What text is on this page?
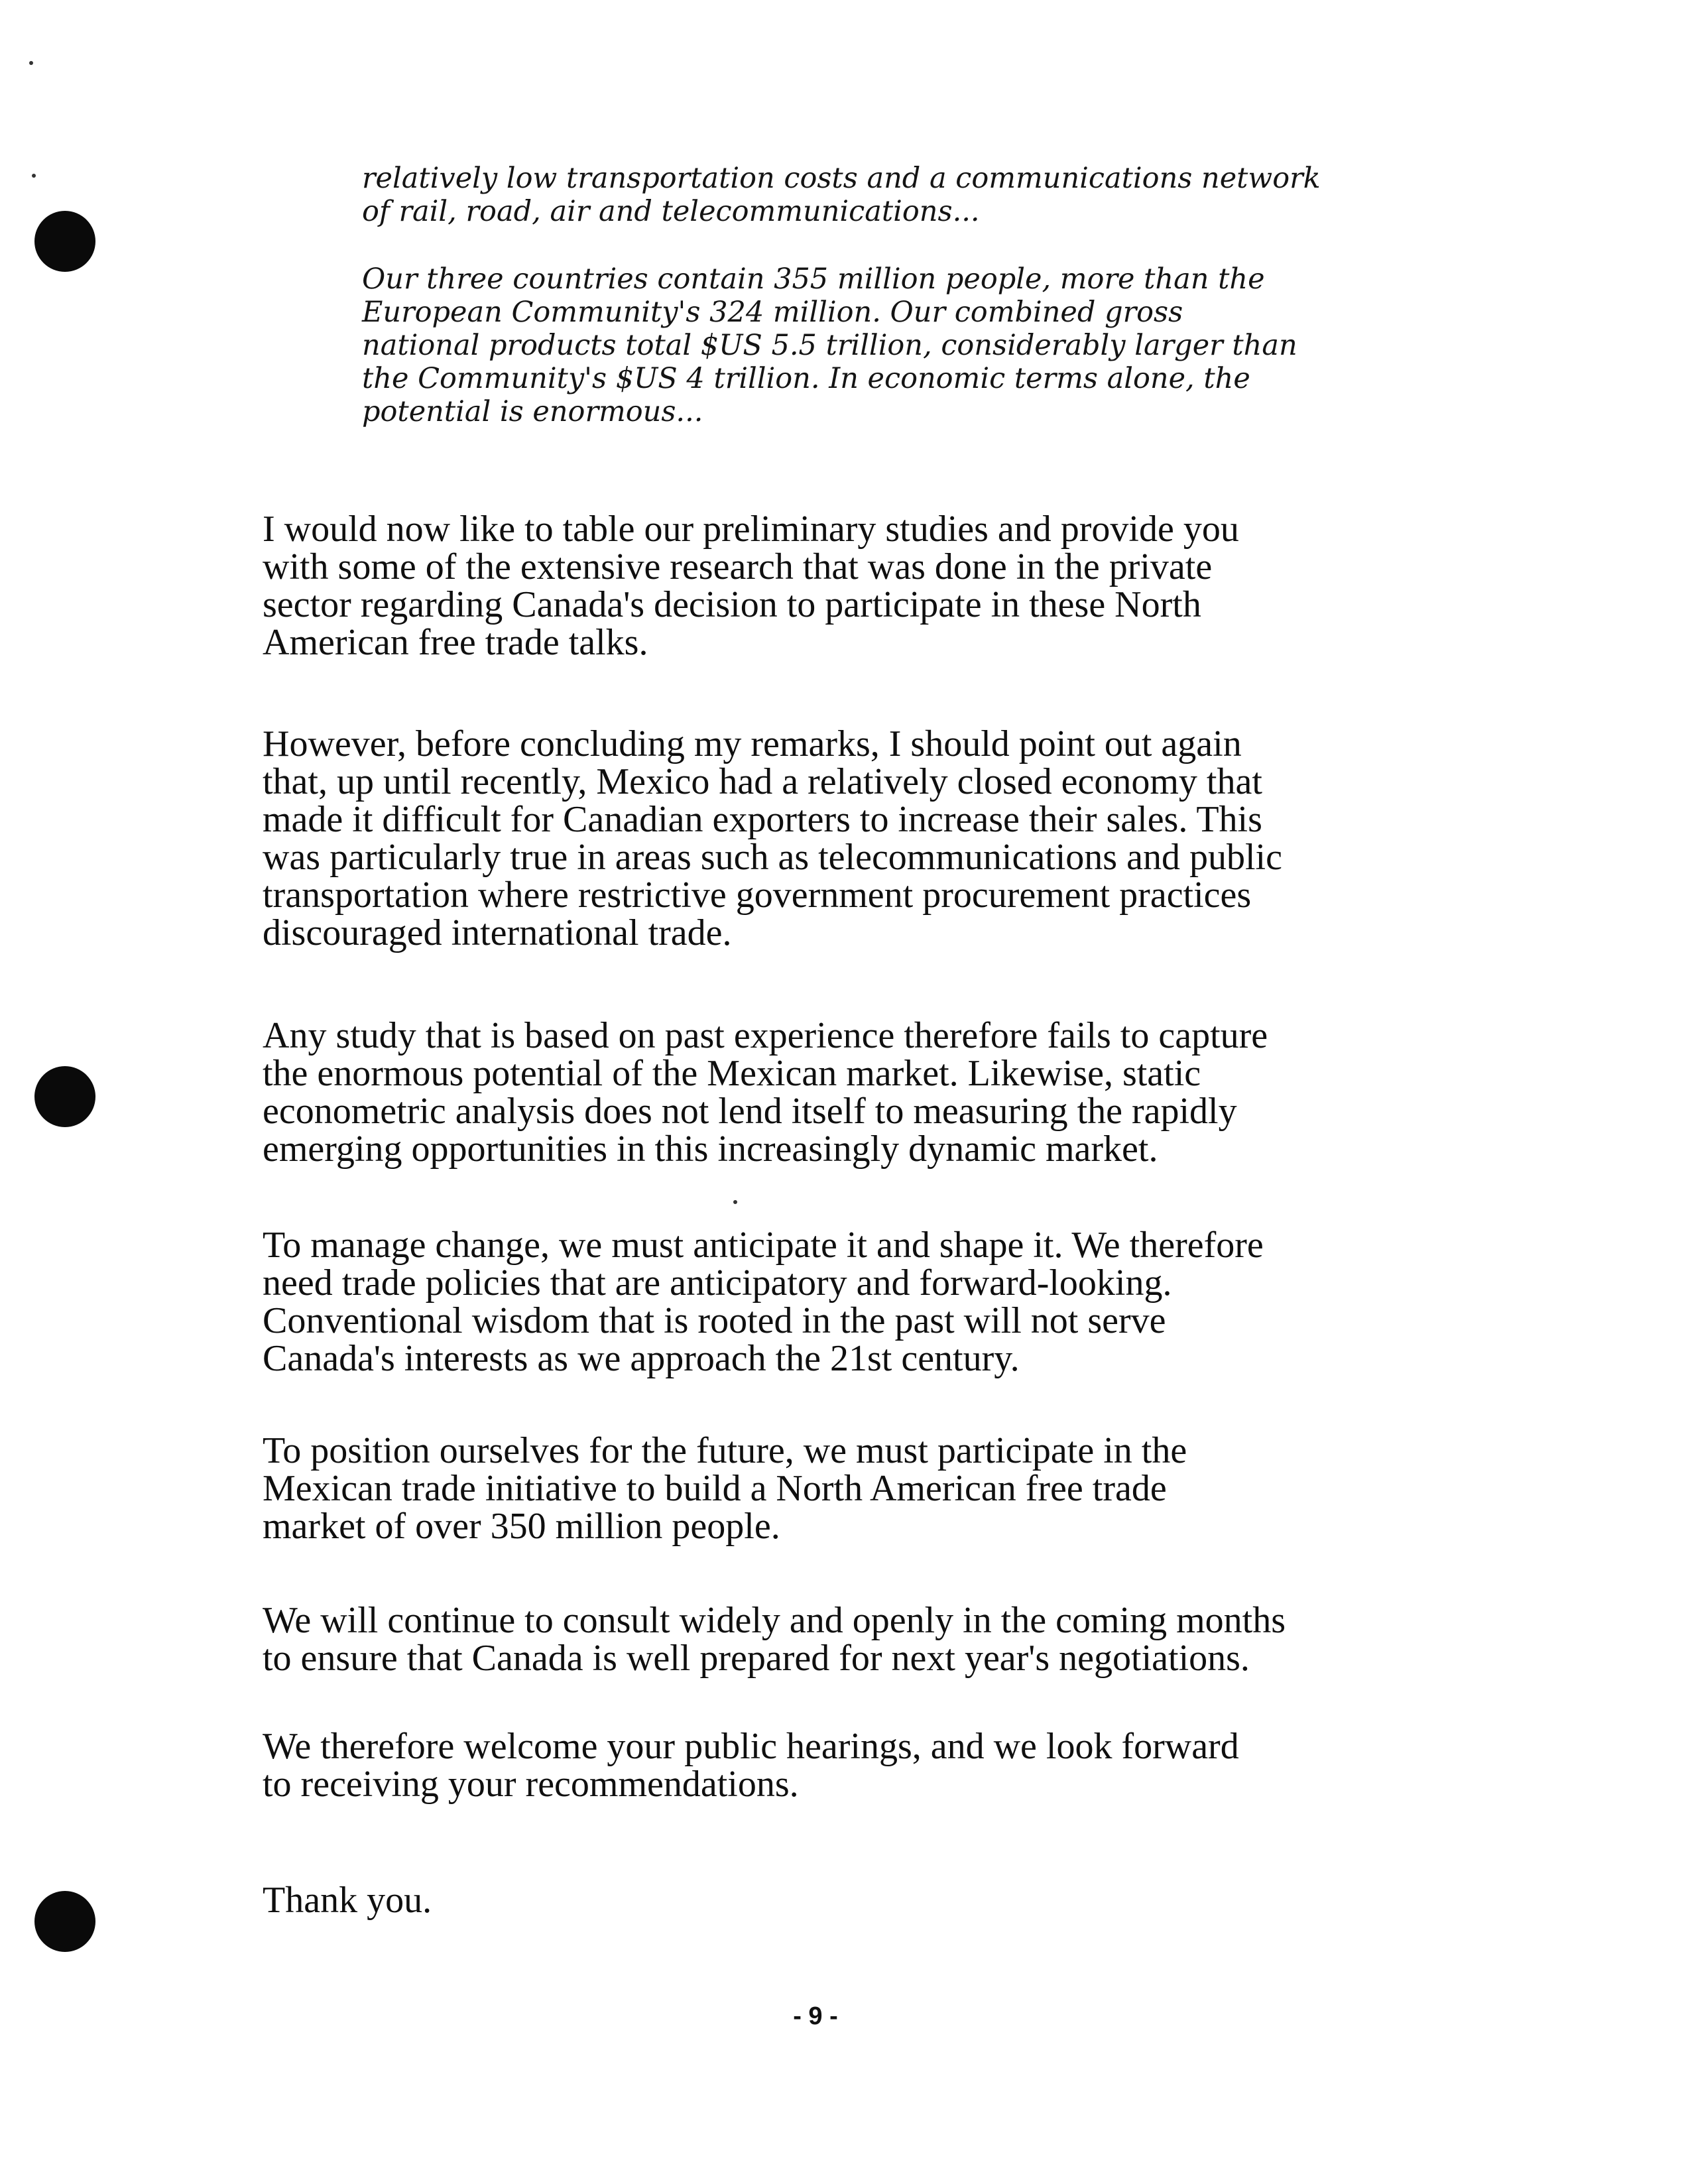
relatively low transportation costs and a communications network
of rail, road, air and telecommunications...
Our three countries contain 355 million people, more than the
European Community's 324 million. Our combined gross
national products total $US 5.5 trillion, considerably larger than
the Community's $US 4 trillion. In economic terms alone, the
potential is enormous...
I would now like to table our preliminary studies and provide you
with some of the extensive research that was done in the private
sector regarding Canada's decision to participate in these North
American free trade talks.
However, before concluding my remarks, I should point out again
that, up until recently, Mexico had a relatively closed economy that
made it difficult for Canadian exporters to increase their sales. This
was particularly true in areas such as telecommunications and public
transportation where restrictive government procurement practices
discouraged international trade.
Any study that is based on past experience therefore fails to capture
the enormous potential of the Mexican market. Likewise, static
econometric analysis does not lend itself to measuring the rapidly
emerging opportunities in this increasingly dynamic market.
To manage change, we must anticipate it and shape it. We therefore
need trade policies that are anticipatory and forward-looking.
Conventional wisdom that is rooted in the past will not serve
Canada's interests as we approach the 21st century.
To position ourselves for the future, we must participate in the
Mexican trade initiative to build a North American free trade
market of over 350 million people.
We will continue to consult widely and openly in the coming months
to ensure that Canada is well prepared for next year's negotiations.
We therefore welcome your public hearings, and we look forward
to receiving your recommendations.
Thank you.
- 9 -
